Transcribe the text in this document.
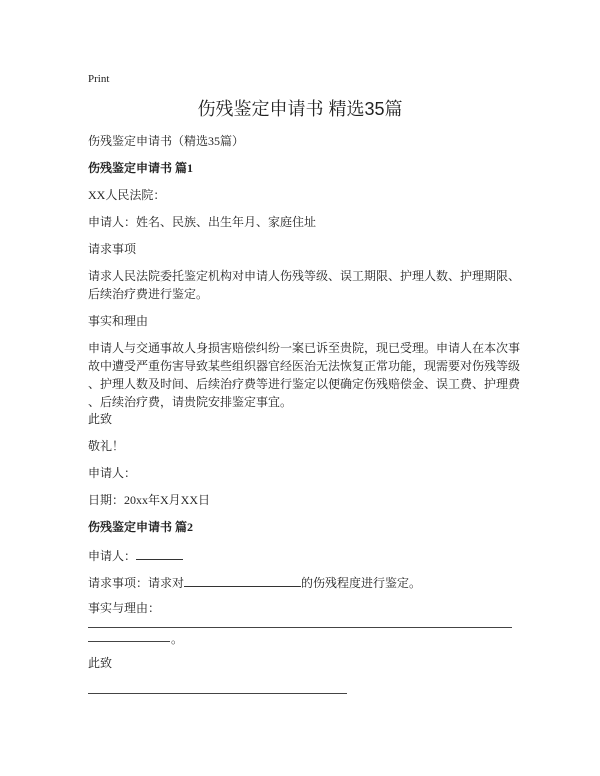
Print
伤残鉴定申请书 精选35篇
伤残鉴定申请书（精选35篇）
伤残鉴定申请书 篇1
XX人民法院：
申请人：姓名、民族、出生年月、家庭住址
请求事项
请求人民法院委托鉴定机构对申请人伤残等级、误工期限、护理人数、护理期限、
后续治疗费进行鉴定。
事实和理由
申请人与交通事故人身损害赔偿纠纷一案已诉至贵院，现已受理。申请人在本次事
故中遭受严重伤害导致某些组织器官经医治无法恢复正常功能，现需要对伤残等级
、护理人数及时间、后续治疗费等进行鉴定以便确定伤残赔偿金、误工费、护理费
、后续治疗费，请贵院安排鉴定事宜。
此致
敬礼！
申请人：
日期：20xx年X月XX日
伤残鉴定申请书 篇2
申请人：
请求事项：请求对	的伤残程度进行鉴定。
事实与理由：
。
此致
